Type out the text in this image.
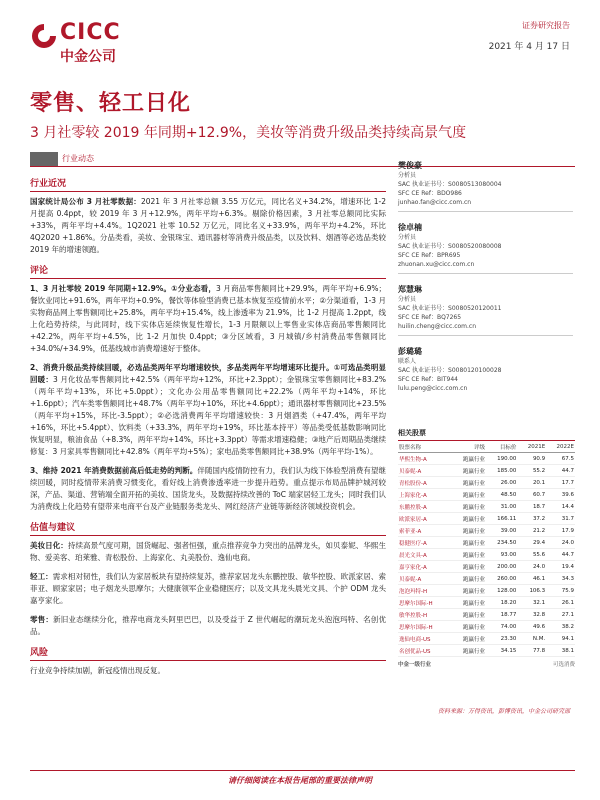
CICC
中金公司
证券研究报告
2021 年 4 月 17 日
零售、轻工日化
3 月社零较 2019 年同期+12.9%，美妆等消费升级品类持续高景气度
行业动态
行业近况

国家统计局公布 3 月社零数据：2021 年 3 月社零总额 3.55 万亿元，同比名义+34.2%，增速环比 1-2 月提高 0.4ppt，较 2019 年 3 月+12.9%，两年平均+6.3%。剔除价格因素，3 月社零总额同比实际+33%，两年平均+4.4%。1Q2021 社零 10.52 万亿元，同比名义+33.9%，两年平均+4.2%，环比 4Q2020 +1.86%。分品类看，美妆、金银珠宝、通讯器材等消费升级品类，以及饮料、烟酒等必选品类较 2019 年的增速领跑。

评论

1、3 月社零较 2019 年同期+12.9%。①分业态看，3 月商品零售额同比+29.9%，两年平均+6.9%；餐饮业同比+91.6%，两年平均+0.9%，餐饮等体验型消费已基本恢复至疫情前水平；②分渠道看，1-3 月实物商品网上零售额同比+25.8%，两年平均+15.4%，线上渗透率为 21.9%，比 1-2 月提高 1.2ppt，线上化趋势持续，与此同时，线下实体店延续恢复性增长，1-3 月限额以上零售业实体店商品零售额同比+42.2%，两年平均+4.5%，比 1-2 月加快 0.4ppt；③分区域看，3 月城镇/乡村消费品零售额同比+34.0%/+34.9%，低基线城市消费增速好于整体。

2、消费升级品类持续回暖，必选品类两年平均增速较快，多品类两年平均增速环比提升。①可选品类明显回暖：3 月化妆品零售额同比+42.5%（两年平均+12%，环比+2.3ppt）；金银珠宝零售额同比+83.2%（两年平均+13%，环比+5.0ppt）；文化办公用品零售额同比+22.2%（两年平均+14%，环比+1.6ppt）；汽车类零售额同比+48.7%（两年平均+10%，环比+4.6ppt）；通讯器材零售额同比+23.5%（两年平均+15%，环比-3.5ppt）；②必选消费两年平均增速较快：3 月烟酒类（+47.4%，两年平均+16%，环比+5.4ppt）、饮料类（+33.3%，两年平均+19%，环比基本持平）等品类受低基数影响同比恢复明显，粮油食品（+8.3%，两年平均+14%，环比+3.3ppt）等需求增速稳健；③地产后周期品类继续修复：3 月家具零售额同比+42.8%（两年平均+5%）；家电品类零售额同比+38.9%（两年平均-1%）。

3、维持 2021 年消费数据前高后低走势的判断。伴随国内疫情防控有力，我们认为线下体验型消费有望继续回暖，同时疫情带来消费习惯变化，看好线上消费渗透率进一步提升趋势。重点提示布局品牌护城河较深，产品、渠道、营销端全面开拓的美妆、国货龙头，及数据持续改善的 ToC 端家居轻工龙头；同时我们认为消费线上化趋势有望带来电商平台及产业链服务类龙头、网红经济产业链等新经济领域投资机会。

估值与建议

美妆日化：持续高景气度可期，国货崛起、强者恒强，重点推荐竞争力突出的品牌龙头，如贝泰妮、华熙生物、爱美客、珀莱雅、青松股份、上海家化、丸美股份、逸仙电商。

轻工：需求相对韧性，我们认为家居板块有望持续复苏，推荐家居龙头东鹏控股、敏华控股、欧派家居、索菲亚、顾家家居；电子烟龙头思摩尔；大健康领军企业稳健医疗；以及文具龙头晨光文具、个护 ODM 龙头嘉亨家化。

零售：新旧业态继续分化，推荐电商龙头阿里巴巴，以及受益于 Z 世代崛起的潮玩龙头泡泡玛特、名创优品。

风险

行业竞争持续加剧，新冠疫情出现反复。

樊俊豪
分析员
SAC 执业证书号：S0080513080004
SFC CE Ref：BDO986
junhao.fan@cicc.com.cn
徐卓楠
分析员
SAC 执业证书号：S0080520080008
SFC CE Ref：BPR695
zhuonan.xu@cicc.com.cn
郑慧琳
分析员
SAC 执业证书号：S0080520120011
SFC CE Ref：BQ7265
huilin.cheng@cicc.com.cn
彭璐璐
联系人
SAC 执业证书号：S0080120100028
SFC CE Ref：BIT944
lulu.peng@cicc.com.cn
相关股票
股票名称	评级	目标价	2021E	2022E
华熙生物-A	跑赢行业	190.00	90.9	67.5
贝泰妮-A	跑赢行业	185.00	55.2	44.7
青松股份-A	跑赢行业	26.00	20.1	17.7
上海家化-A	跑赢行业	48.50	60.7	39.6
东鹏控股-A	跑赢行业	31.00	18.7	14.4
欧派家居-A	跑赢行业	166.11	37.2	31.7
索菲亚-A	跑赢行业	39.00	21.2	17.9
稳健医疗-A	跑赢行业	234.50	29.4	24.0
晨光文具-A	跑赢行业	93.00	55.6	44.7
嘉亨家化-A	跑赢行业	200.00	24.0	19.4
贝泰妮-A	跑赢行业	260.00	46.1	34.3
泡泡玛特-H	跑赢行业	128.00	106.3	75.9
思摩尔国际-H	跑赢行业	18.20	32.1	26.1
敏华控股-H	跑赢行业	18.77	32.8	27.1
思摩尔国际-H	跑赢行业	74.00	49.6	38.2
逸仙电商-US	跑赢行业	23.30	N.M.	94.1
名创优品-US	跑赢行业	34.15	77.8	38.1
可选消费
中金一级行业
资料来源：万得资讯，彭博资讯，中金公司研究部
请仔细阅读在本报告尾部的重要法律声明
